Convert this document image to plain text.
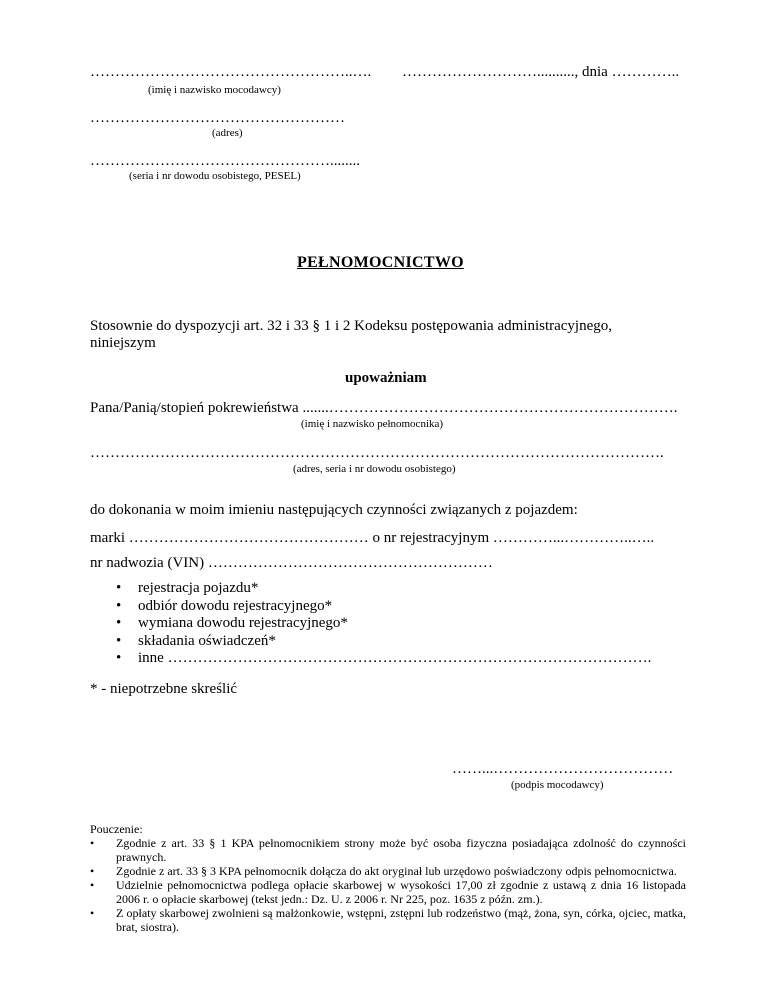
……………………………………………..….
(imię i nazwisko mocodawcy)
……………………….........., dnia …………..
……………………………………………
(adres)
…………………………………………........
(seria i nr dowodu osobistego, PESEL)
PEŁNOMOCNICTWO
Stosownie do dyspozycji art. 32 i 33 § 1 i 2 Kodeksu postępowania administracyjnego,
niniejszym
upoważniam
Pana/Panią/stopień pokrewieństwa .......…………………………………………………………….
(imię i nazwisko pełnomocnika)
…………………………………………………………………………………………………….
(adres, seria i nr dowodu osobistego)
do dokonania w moim imieniu następujących czynności związanych z pojazdem:
marki ………………………………………… o nr rejestracyjnym …………...…………..…..
nr nadwozia (VIN) …………………………………………………
• rejestracja pojazdu*
• odbiór dowodu rejestracyjnego*
• wymiana dowodu rejestracyjnego*
• składania oświadczeń*
• inne …………………………………………………………………………………….
* - niepotrzebne skreślić
……...………………………………
(podpis mocodawcy)
Pouczenie:
• Zgodnie z art. 33 § 1 KPA pełnomocnikiem strony może być osoba fizyczna posiadająca zdolność do czynności prawnych.
• Zgodnie z art. 33 § 3 KPA pełnomocnik dołącza do akt oryginał lub urzędowo poświadczony odpis pełnomocnictwa.
• Udzielnie pełnomocnictwa podlega opłacie skarbowej w wysokości 17,00 zł zgodnie z ustawą z dnia 16 listopada 2006 r. o opłacie skarbowej (tekst jedn.: Dz. U. z 2006 r. Nr 225, poz. 1635 z późn. zm.).
• Z opłaty skarbowej zwolnieni są małżonkowie, wstępni, zstępni lub rodzeństwo (mąż, żona, syn, córka, ojciec, matka, brat, siostra).
